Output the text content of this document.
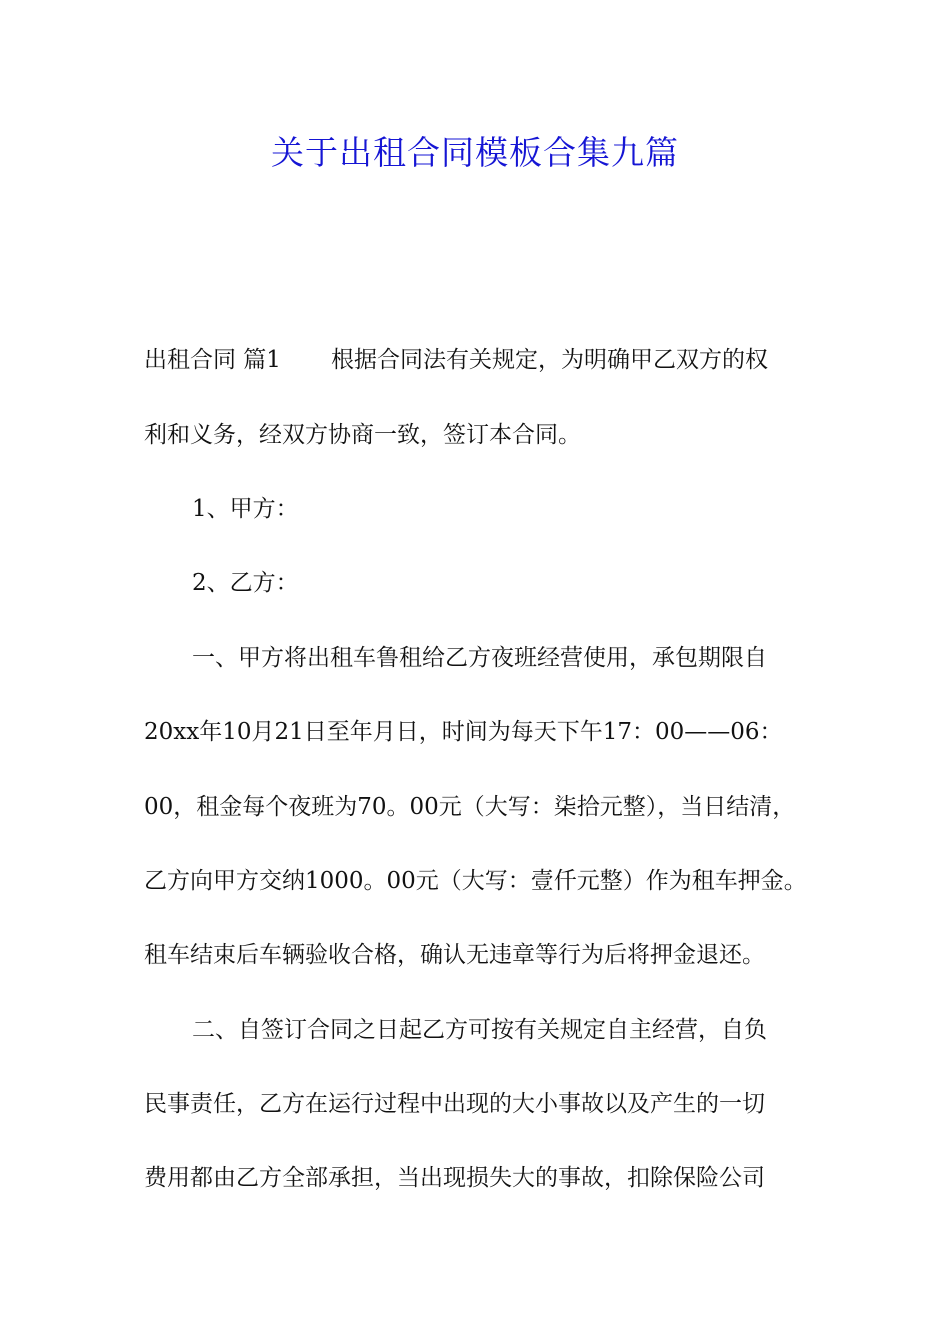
关于出租合同模板合集九篇
出租合同 篇1 根据合同法有关规定，为明确甲乙双方的权
利和义务，经双方协商一致，签订本合同。
1、甲方：
2、乙方：
一、甲方将出租车鲁租给乙方夜班经营使用，承包期限自
20xx年10月21日至年月日，时间为每天下午17：00——06：
00，租金每个夜班为70。00元（大写：柒拾元整），当日结清，
乙方向甲方交纳1000。00元（大写：壹仟元整）作为租车押金。
租车结束后车辆验收合格，确认无违章等行为后将押金退还。
二、自签订合同之日起乙方可按有关规定自主经营，自负
民事责任，乙方在运行过程中出现的大小事故以及产生的一切
费用都由乙方全部承担，当出现损失大的事故，扣除保险公司
